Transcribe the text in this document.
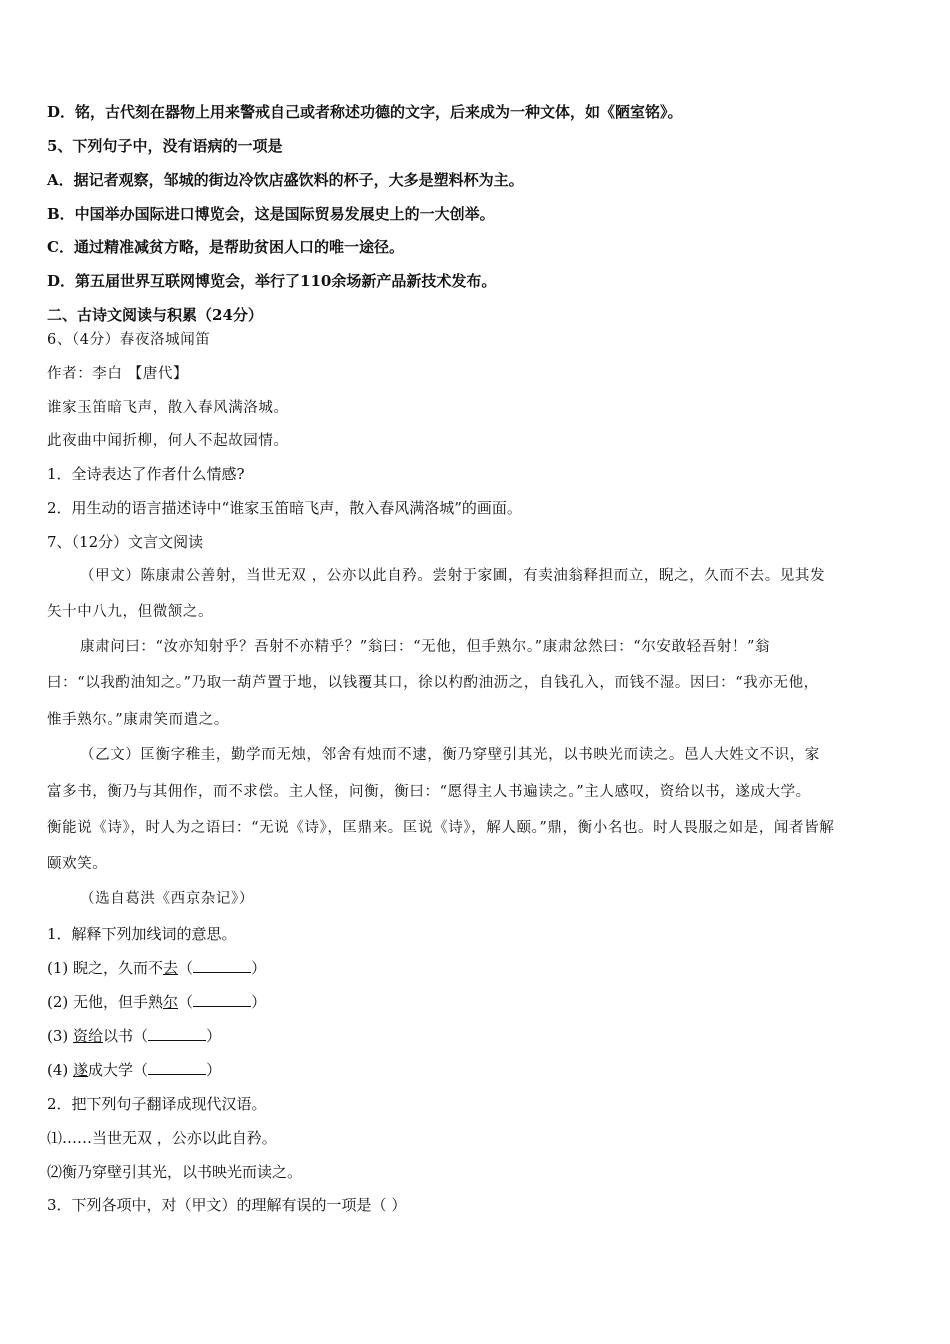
D．铭，古代刻在器物上用来警戒自己或者称述功德的文字，后来成为一种文体，如《陋室铭》。
5、下列句子中，没有语病的一项是
A．据记者观察，邹城的街边冷饮店盛饮料的杯子，大多是塑料杯为主。
B．中国举办国际进口博览会，这是国际贸易发展史上的一大创举。
C．通过精准减贫方略，是帮助贫困人口的唯一途径。
D．第五届世界互联网博览会，举行了110余场新产品新技术发布。
二、古诗文阅读与积累（24分）
6、（4分）春夜洛城闻笛
作者：李白 【唐代】
谁家玉笛暗飞声，散入春风满洛城。
此夜曲中闻折柳，何人不起故园情。
1．全诗表达了作者什么情感?
2．用生动的语言描述诗中“谁家玉笛暗飞声，散入春风满洛城”的画面。
7、（12分）文言文阅读
（甲文）陈康肃公善射，当世无双 ，公亦以此自矜。尝射于家圃，有卖油翁释担而立，睨之，久而不去。见其发
矢十中八九，但微颔之。
康肃问曰：“汝亦知射乎？吾射不亦精乎？”翁曰：“无他，但手熟尔。”康肃忿然曰：“尔安敢轻吾射！”翁
曰：“以我酌油知之。”乃取一葫芦置于地，以钱覆其口，徐以杓酌油沥之，自钱孔入，而钱不湿。因曰：“我亦无他，
惟手熟尔。”康肃笑而遣之。
（乙文）匡衡字稚圭，勤学而无烛，邻舍有烛而不逮，衡乃穿壁引其光，以书映光而读之。邑人大姓文不识，家
富多书，衡乃与其佣作，而不求偿。主人怪，问衡，衡曰：“愿得主人书遍读之。”主人感叹，资给以书，遂成大学。
衡能说《诗》，时人为之语曰：“无说《诗》，匡鼎来。匡说《诗》，解人颐。”鼎，衡小名也。时人畏服之如是，闻者皆解
颐欢笑。
（选自葛洪《西京杂记》）
1．解释下列加线词的意思。
(1) 睨之，久而不去（	）
(2) 无他，但手熟尔（	）
(3) 资给以书（	）
(4) 遂成大学（	）
2．把下列句子翻译成现代汉语。
⑴……当世无双 ，公亦以此自矜。
⑵衡乃穿壁引其光，以书映光而读之。
3．下列各项中，对（甲文）的理解有误的一项是（ ）
